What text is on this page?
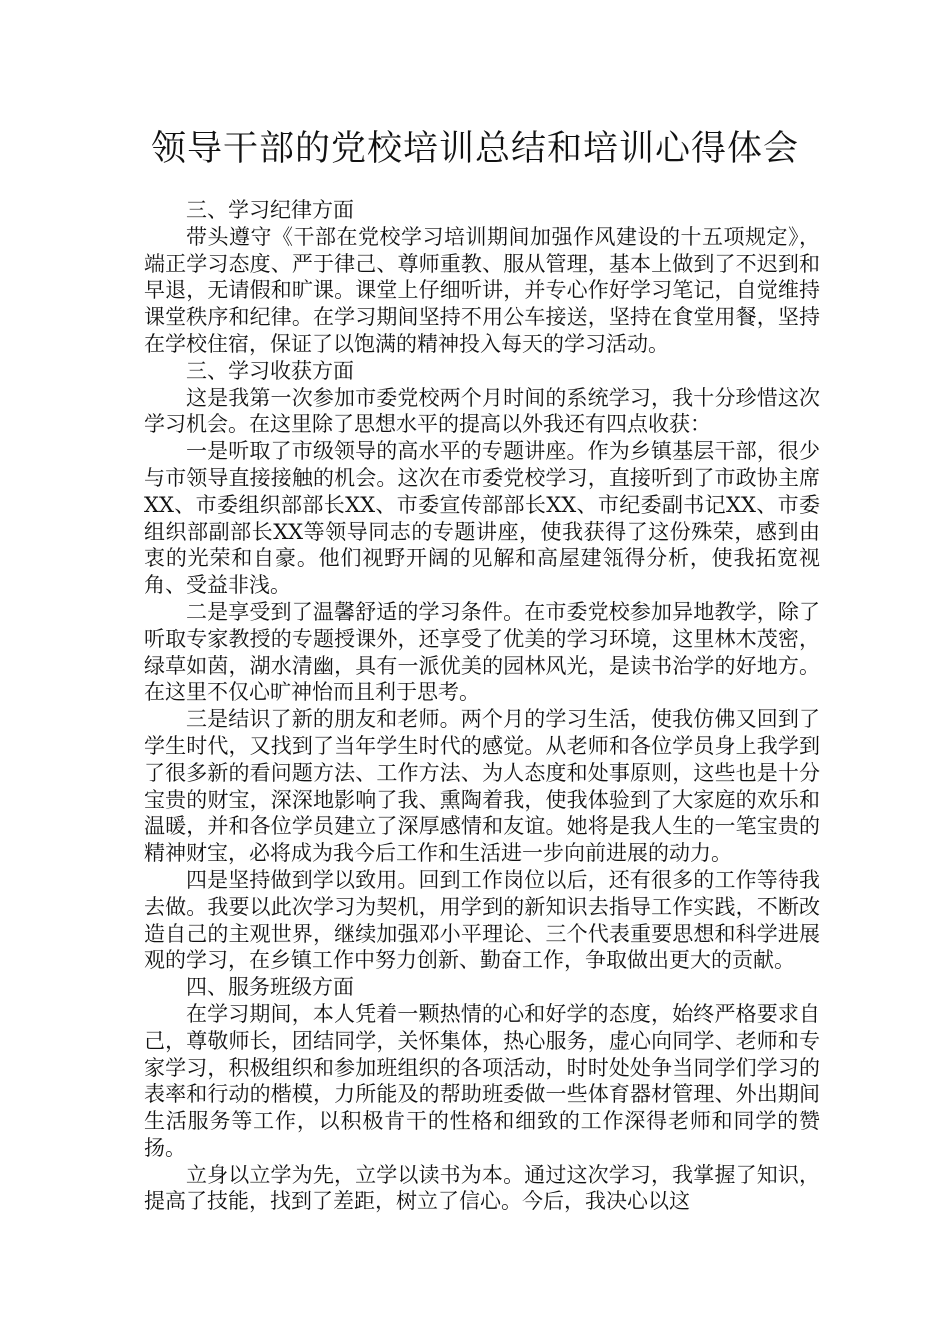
领导干部的党校培训总结和培训心得体会

三、学习纪律方面

带头遵守《干部在党校学习培训期间加强作风建设的十五项规定》，端正学习态度、严于律己、尊师重教、服从管理，基本上做到了不迟到和早退，无请假和旷课。课堂上仔细听讲，并专心作好学习笔记，自觉维持课堂秩序和纪律。在学习期间坚持不用公车接送，坚持在食堂用餐，坚持在学校住宿，保证了以饱满的精神投入每天的学习活动。

三、学习收获方面

这是我第一次参加市委党校两个月时间的系统学习，我十分珍惜这次学习机会。在这里除了思想水平的提高以外我还有四点收获：

一是听取了市级领导的高水平的专题讲座。作为乡镇基层干部，很少与市领导直接接触的机会。这次在市委党校学习，直接听到了市政协主席XX、市委组织部部长XX、市委宣传部部长XX、市纪委副书记XX、市委组织部副部长XX等领导同志的专题讲座，使我获得了这份殊荣，感到由衷的光荣和自豪。他们视野开阔的见解和高屋建瓴得分析，使我拓宽视角、受益非浅。

二是享受到了温馨舒适的学习条件。在市委党校参加异地教学，除了听取专家教授的专题授课外，还享受了优美的学习环境，这里林木茂密，绿草如茵，湖水清幽，具有一派优美的园林风光，是读书治学的好地方。在这里不仅心旷神怡而且利于思考。

三是结识了新的朋友和老师。两个月的学习生活，使我仿佛又回到了学生时代，又找到了当年学生时代的感觉。从老师和各位学员身上我学到了很多新的看问题方法、工作方法、为人态度和处事原则，这些也是十分宝贵的财宝，深深地影响了我、熏陶着我，使我体验到了大家庭的欢乐和温暖，并和各位学员建立了深厚感情和友谊。她将是我人生的一笔宝贵的精神财宝，必将成为我今后工作和生活进一步向前进展的动力。

四是坚持做到学以致用。回到工作岗位以后，还有很多的工作等待我去做。我要以此次学习为契机，用学到的新知识去指导工作实践，不断改造自己的主观世界，继续加强邓小平理论、三个代表重要思想和科学进展观的学习，在乡镇工作中努力创新、勤奋工作，争取做出更大的贡献。

四、服务班级方面

在学习期间，本人凭着一颗热情的心和好学的态度，始终严格要求自己，尊敬师长，团结同学，关怀集体，热心服务，虚心向同学、老师和专家学习，积极组织和参加班组织的各项活动，时时处处争当同学们学习的表率和行动的楷模，力所能及的帮助班委做一些体育器材管理、外出期间生活服务等工作，以积极肯干的性格和细致的工作深得老师和同学的赞扬。

立身以立学为先，立学以读书为本。通过这次学习，我掌握了知识，提高了技能，找到了差距，树立了信心。今后，我决心以这
